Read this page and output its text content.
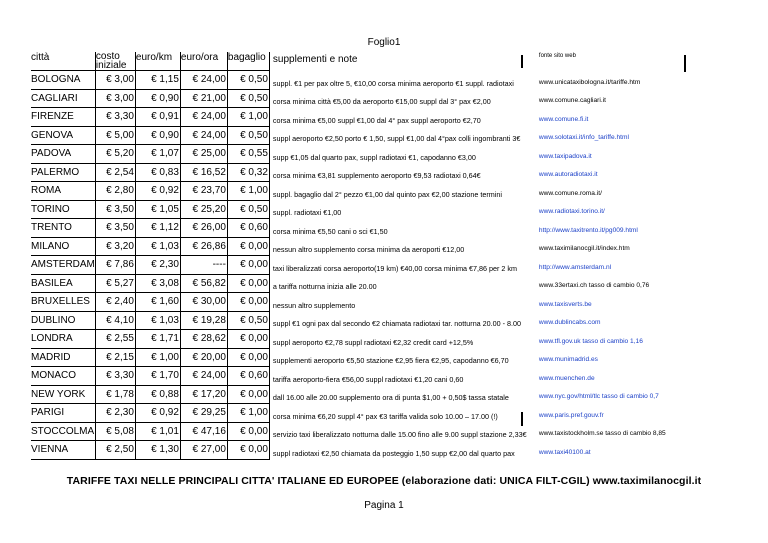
Foglio1
città	costo iniziale	euro/km	euro/ora	bagaglio	supplementi e note	fonte sito web

BOLOGNA	€ 3,00	€ 1,15	€ 24,00	€ 0,50	suppl. €1 per pax oltre 5, €10,00 corsa minima aeroporto €1 suppl. radiotaxi	www.unicataxibologna.it/tariffe.htm

CAGLIARI	€ 3,00	€ 0,90	€ 21,00	€ 0,50	corsa minima città €5,00 da aeroporto €15,00 suppl dal 3° pax €2,00	www.comune.cagliari.it

FIRENZE	€ 3,30	€ 0,91	€ 24,00	€ 1,00	corsa minima €5,00 suppl €1,00 dal 4° pax suppl aeroporto €2,70	www.comune.fi.it

GENOVA	€ 5,00	€ 0,90	€ 24,00	€ 0,50	suppl aeroporto €2,50 porto € 1,50, suppl €1,00 dal 4°pax colli ingombranti 3€	www.solotaxi.it/info_tariffe.html

PADOVA	€ 5,20	€ 1,07	€ 25,00	€ 0,55	supp €1,05 dal quarto pax, suppl radiotaxi €1, capodanno €3,00	www.taxipadova.it

PALERMO	€ 2,54	€ 0,83	€ 16,52	€ 0,32	corsa minima €3,81 supplemento aeroporto €9,53 radiotaxi 0,64€	www.autoradiotaxi.it

ROMA	€ 2,80	€ 0,92	€ 23,70	€ 1,00	suppl. bagaglio dal 2° pezzo €1,00 dal quinto pax €2,00 stazione termini	www.comune.roma.it/

TORINO	€ 3,50	€ 1,05	€ 25,20	€ 0,50	suppl. radiotaxi €1,00	www.radiotaxi.torino.it/

TRENTO	€ 3,50	€ 1,12	€ 26,00	€ 0,60	corsa minima €5,50 cani o sci €1,50	http://www.taxitrento.it/pg009.html

MILANO	€ 3,20	€ 1,03	€ 26,86	€ 0,00	nessun altro supplemento corsa minima da aeroporti €12,00	www.taximilanocgil.it/index.htm

AMSTERDAM	€ 7,86	€ 2,30	----	€ 0,00	taxi liberalizzati corsa aeroporto(19 km) €40,00 corsa minima €7,86 per 2 km	http://www.amsterdam.nl

BASILEA	€ 5,27	€ 3,08	€ 56,82	€ 0,00	a tariffa notturna inizia alle 20.00	www.33ertaxi.ch tasso di cambio 0,76

BRUXELLES	€ 2,40	€ 1,60	€ 30,00	€ 0,00	nessun altro supplemento	www.taxisverts.be

DUBLINO	€ 4,10	€ 1,03	€ 19,28	€ 0,50	suppl €1 ogni pax dal secondo €2 chiamata radiotaxi tar. notturna 20.00 - 8.00	www.dublincabs.com

LONDRA	€ 2,55	€ 1,71	€ 28,62	€ 0,00	suppl aeroporto €2,78 suppl radiotaxi €2,32 credit card +12,5%	www.tfl.gov.uk tasso di cambio 1,16

MADRID	€ 2,15	€ 1,00	€ 20,00	€ 0,00	supplementi aeroporto €5,50 stazione €2,95 fiera €2,95, capodanno €6,70	www.munimadrid.es

MONACO	€ 3,30	€ 1,70	€ 24,00	€ 0,60	tariffa aeroporto-fiera €56,00 suppl radiotaxi €1,20 cani 0,60	www.muenchen.de

NEW YORK	€ 1,78	€ 0,88	€ 17,20	€ 0,00	dall 16.00 alle 20.00 supplemento ora di punta $1,00 + 0,50$ tassa statale	www.nyc.gov/html/tlc tasso di cambio 0,7

PARIGI	€ 2,30	€ 0,92	€ 29,25	€ 1,00	corsa minima €6,20 suppl 4° pax €3 tariffa valida solo 10.00 – 17.00 (!)	www.paris.pref.gouv.fr

STOCCOLMA	€ 5,08	€ 1,01	€ 47,16	€ 0,00	servizio taxi liberalizzato notturna dalle 15.00 fino alle 9.00 suppl stazione 2,33€	www.taxistockholm.se tasso di cambio 8,85

VIENNA	€ 2,50	€ 1,30	€ 27,00	€ 0,00	suppl radiotaxi €2,50 chiamata da posteggio 1,50 supp €2,00 dal quarto pax	www.taxi40100.at
TARIFFE TAXI NELLE PRINCIPALI CITTA' ITALIANE ED EUROPEE (elaborazione dati: UNICA FILT-CGIL) www.taximilanocgil.it
Pagina 1
